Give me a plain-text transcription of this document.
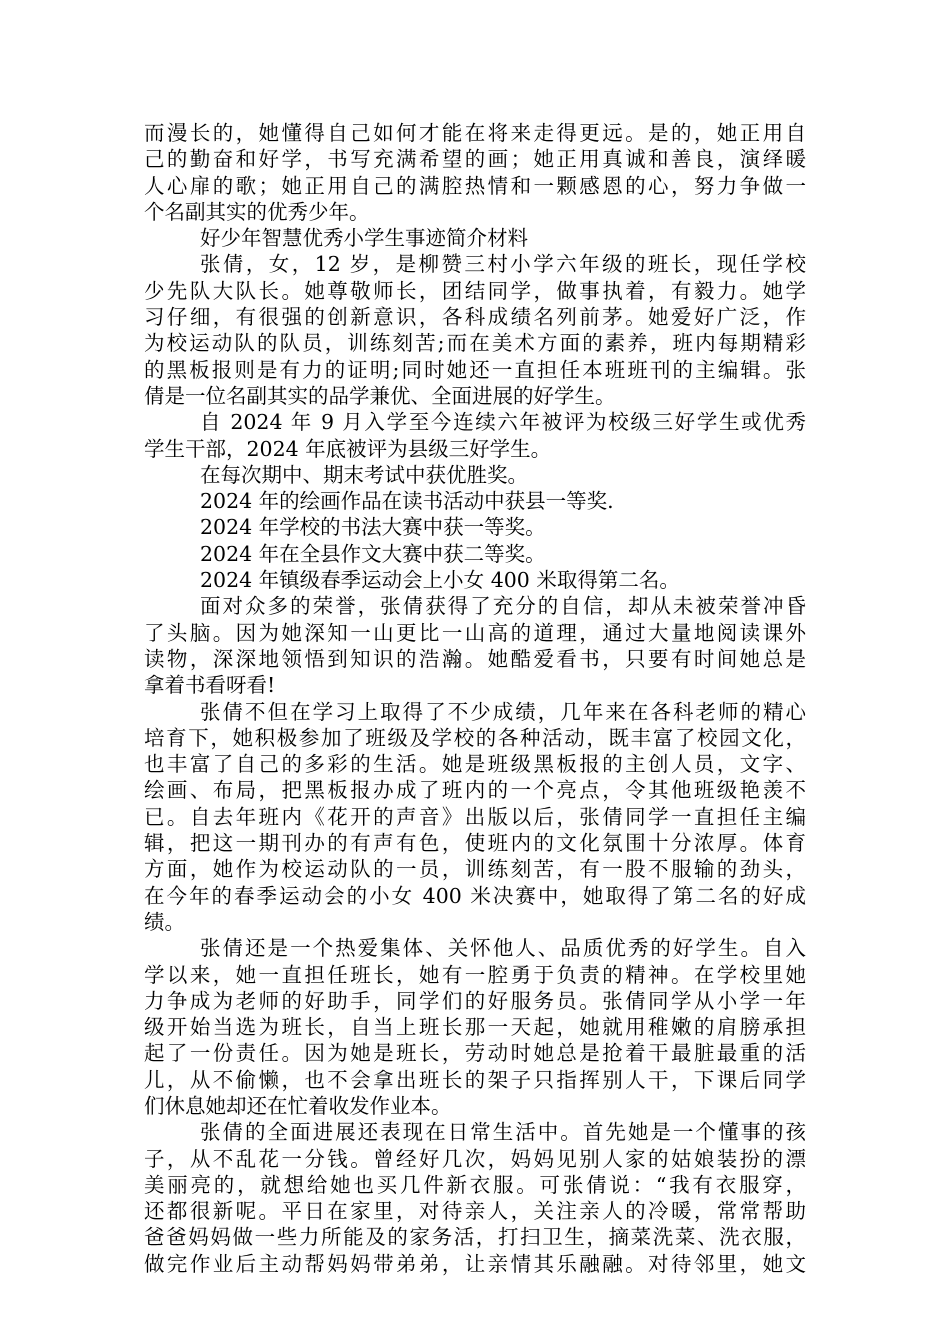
而漫长的，她懂得自己如何才能在将来走得更远。是的，她正用自
己的勤奋和好学，书写充满希望的画；她正用真诚和善良，演绎暖
人心扉的歌；她正用自己的满腔热情和一颗感恩的心，努力争做一
个名副其实的优秀少年。
好少年智慧优秀小学生事迹简介材料
张倩，女，12 岁，是柳赞三村小学六年级的班长，现任学校
少先队大队长。她尊敬师长，团结同学，做事执着，有毅力。她学
习仔细，有很强的创新意识，各科成绩名列前茅。她爱好广泛，作
为校运动队的队员，训练刻苦;而在美术方面的素养，班内每期精彩
的黑板报则是有力的证明;同时她还一直担任本班班刊的主编辑。张
倩是一位名副其实的品学兼优、全面进展的好学生。
自 2024 年 9 月入学至今连续六年被评为校级三好学生或优秀
学生干部，2024 年底被评为县级三好学生。
在每次期中、期末考试中获优胜奖。
2024 年的绘画作品在读书活动中获县一等奖.
2024 年学校的书法大赛中获一等奖。
2024 年在全县作文大赛中获二等奖。
2024 年镇级春季运动会上小女 400 米取得第二名。
面对众多的荣誉，张倩获得了充分的自信，却从未被荣誉冲昏
了头脑。因为她深知一山更比一山高的道理，通过大量地阅读课外
读物，深深地领悟到知识的浩瀚。她酷爱看书，只要有时间她总是
拿着书看呀看!
张倩不但在学习上取得了不少成绩，几年来在各科老师的精心
培育下，她积极参加了班级及学校的各种活动，既丰富了校园文化，
也丰富了自己的多彩的生活。她是班级黑板报的主创人员，文字、
绘画、布局，把黑板报办成了班内的一个亮点，令其他班级艳羡不
已。自去年班内《花开的声音》出版以后，张倩同学一直担任主编
辑，把这一期刊办的有声有色，使班内的文化氛围十分浓厚。体育
方面，她作为校运动队的一员，训练刻苦，有一股不服输的劲头，
在今年的春季运动会的小女 400 米决赛中，她取得了第二名的好成
绩。
张倩还是一个热爱集体、关怀他人、品质优秀的好学生。自入
学以来，她一直担任班长，她有一腔勇于负责的精神。在学校里她
力争成为老师的好助手，同学们的好服务员。张倩同学从小学一年
级开始当选为班长，自当上班长那一天起，她就用稚嫩的肩膀承担
起了一份责任。因为她是班长，劳动时她总是抢着干最脏最重的活
儿，从不偷懒，也不会拿出班长的架子只指挥别人干，下课后同学
们休息她却还在忙着收发作业本。
张倩的全面进展还表现在日常生活中。首先她是一个懂事的孩
子，从不乱花一分钱。曾经好几次，妈妈见别人家的姑娘装扮的漂
美丽亮的，就想给她也买几件新衣服。可张倩说：“我有衣服穿，
还都很新呢。平日在家里，对待亲人，关注亲人的冷暖，常常帮助
爸爸妈妈做一些力所能及的家务活，打扫卫生，摘菜洗菜、洗衣服，
做完作业后主动帮妈妈带弟弟，让亲情其乐融融。对待邻里，她文
